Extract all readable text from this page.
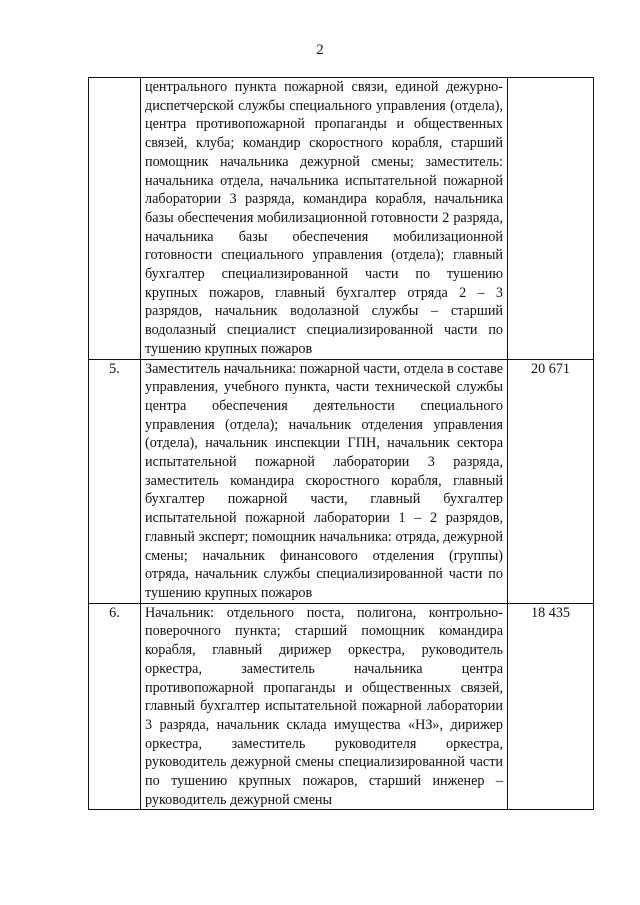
2
	центрального пункта пожарной связи, единой дежурно-диспетчерской службы специального управления (отдела), центра противопожарной пропаганды и общественных связей, клуба; командир скоростного корабля, старший помощник начальника дежурной смены; заместитель: начальника отдела, начальника испытательной пожарной лаборатории 3 разряда, командира корабля, начальника базы обеспечения мобилизационной готовности 2 разряда, начальника базы обеспечения мобилизационной готовности специального управления (отдела); главный бухгалтер специализированной части по тушению крупных пожаров, главный бухгалтер отряда 2 – 3 разрядов, начальник водолазной службы – старший водолазный специалист специализированной части по тушению крупных пожаров	
5.	Заместитель начальника: пожарной части, отдела в составе управления, учебного пункта, части технической службы центра обеспечения деятельности специального управления (отдела); начальник отделения управления (отдела), начальник инспекции ГПН, начальник сектора испытательной пожарной лаборатории 3 разряда, заместитель командира скоростного корабля, главный бухгалтер пожарной части, главный бухгалтер испытательной пожарной лаборатории 1 – 2 разрядов, главный эксперт; помощник начальника: отряда, дежурной смены; начальник финансового отделения (группы) отряда, начальник службы специализированной части по тушению крупных пожаров	20 671
6.	Начальник: отдельного поста, полигона, контрольно-поверочного пункта; старший помощник командира корабля, главный дирижер оркестра, руководитель оркестра, заместитель начальника центра противопожарной пропаганды и общественных связей, главный бухгалтер испытательной пожарной лаборатории 3 разряда, начальник склада имущества «НЗ», дирижер оркестра, заместитель руководителя оркестра, руководитель дежурной смены специализированной части по тушению крупных пожаров, старший инженер – руководитель дежурной смены	18 435
